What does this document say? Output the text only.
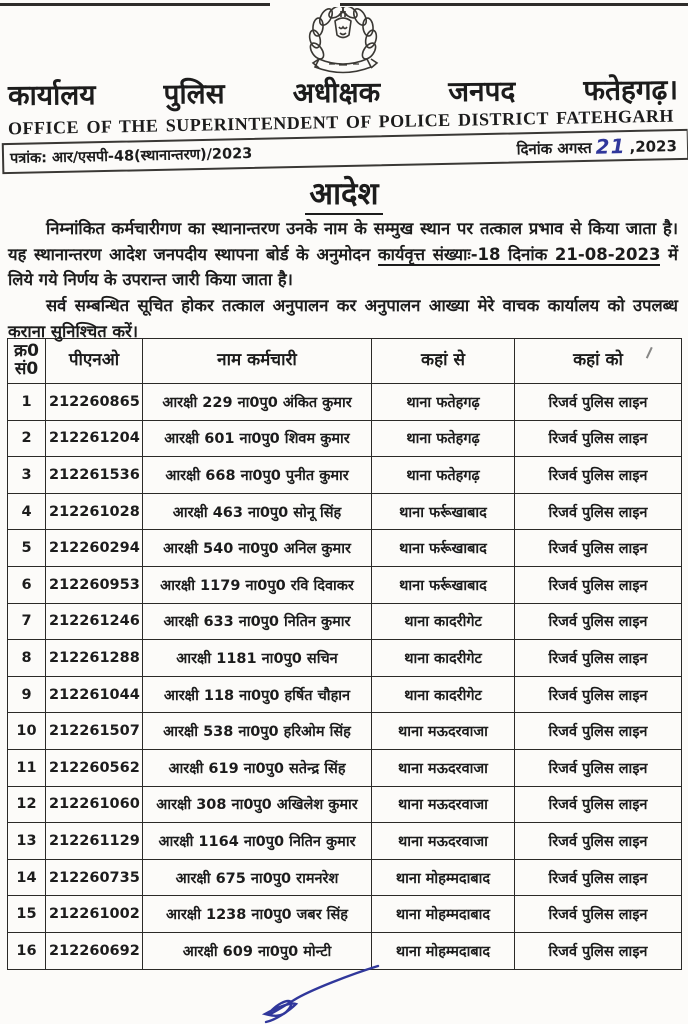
कार्यालय पुलिस अधीक्षक जनपद फतेहगढ़।
OFFICE OF THE SUPERINTENDENT OF POLICE DISTRICT FATEHGARH
पत्रांक: आर/एसपी-48(स्थानान्तरण)/2023	दिनांक अगस्त 21 ,2023
आदेश

निम्नांकित कर्मचारीगण का स्थानान्तरण उनके नाम के सम्मुख स्थान पर तत्काल प्रभाव से किया जाता है। यह स्थानान्तरण आदेश जनपदीय स्थापना बोर्ड के अनुमोदन कार्यवृत्त संख्याः-18 दिनांक 21-08-2023 में लिये गये निर्णय के उपरान्त जारी किया जाता है।

सर्व सम्बन्धित सूचित होकर तत्काल अनुपालन कर अनुपालन आख्या मेरे वाचक कार्यालय को उपलब्ध कराना सुनिश्चित करें।

क्र0 सं0	पीएनओ	नाम कर्मचारी	कहां से	कहां को
1	212260865	आरक्षी 229 ना0पु0 अंकित कुमार	थाना फतेहगढ़	रिजर्व पुलिस लाइन
2	212261204	आरक्षी 601 ना0पु0 शिवम कुमार	थाना फतेहगढ़	रिजर्व पुलिस लाइन
3	212261536	आरक्षी 668 ना0पु0 पुनीत कुमार	थाना फतेहगढ़	रिजर्व पुलिस लाइन
4	212261028	आरक्षी 463 ना0पु0 सोनू सिंह	थाना फर्रूखाबाद	रिजर्व पुलिस लाइन
5	212260294	आरक्षी 540 ना0पु0 अनिल कुमार	थाना फर्रूखाबाद	रिजर्व पुलिस लाइन
6	212260953	आरक्षी 1179 ना0पु0 रवि दिवाकर	थाना फर्रूखाबाद	रिजर्व पुलिस लाइन
7	212261246	आरक्षी 633 ना0पु0 नितिन कुमार	थाना कादरीगेट	रिजर्व पुलिस लाइन
8	212261288	आरक्षी 1181 ना0पु0 सचिन	थाना कादरीगेट	रिजर्व पुलिस लाइन
9	212261044	आरक्षी 118 ना0पु0 हर्षित चौहान	थाना कादरीगेट	रिजर्व पुलिस लाइन
10	212261507	आरक्षी 538 ना0पु0 हरिओम सिंह	थाना मऊदरवाजा	रिजर्व पुलिस लाइन
11	212260562	आरक्षी 619 ना0पु0 सतेन्द्र सिंह	थाना मऊदरवाजा	रिजर्व पुलिस लाइन
12	212261060	आरक्षी 308 ना0पु0 अखिलेश कुमार	थाना मऊदरवाजा	रिजर्व पुलिस लाइन
13	212261129	आरक्षी 1164 ना0पु0 नितिन कुमार	थाना मऊदरवाजा	रिजर्व पुलिस लाइन
14	212260735	आरक्षी 675 ना0पु0 रामनरेश	थाना मोहम्मदाबाद	रिजर्व पुलिस लाइन
15	212261002	आरक्षी 1238 ना0पु0 जबर सिंह	थाना मोहम्मदाबाद	रिजर्व पुलिस लाइन
16	212260692	आरक्षी 609 ना0पु0 मोन्टी	थाना मोहम्मदाबाद	रिजर्व पुलिस लाइन
